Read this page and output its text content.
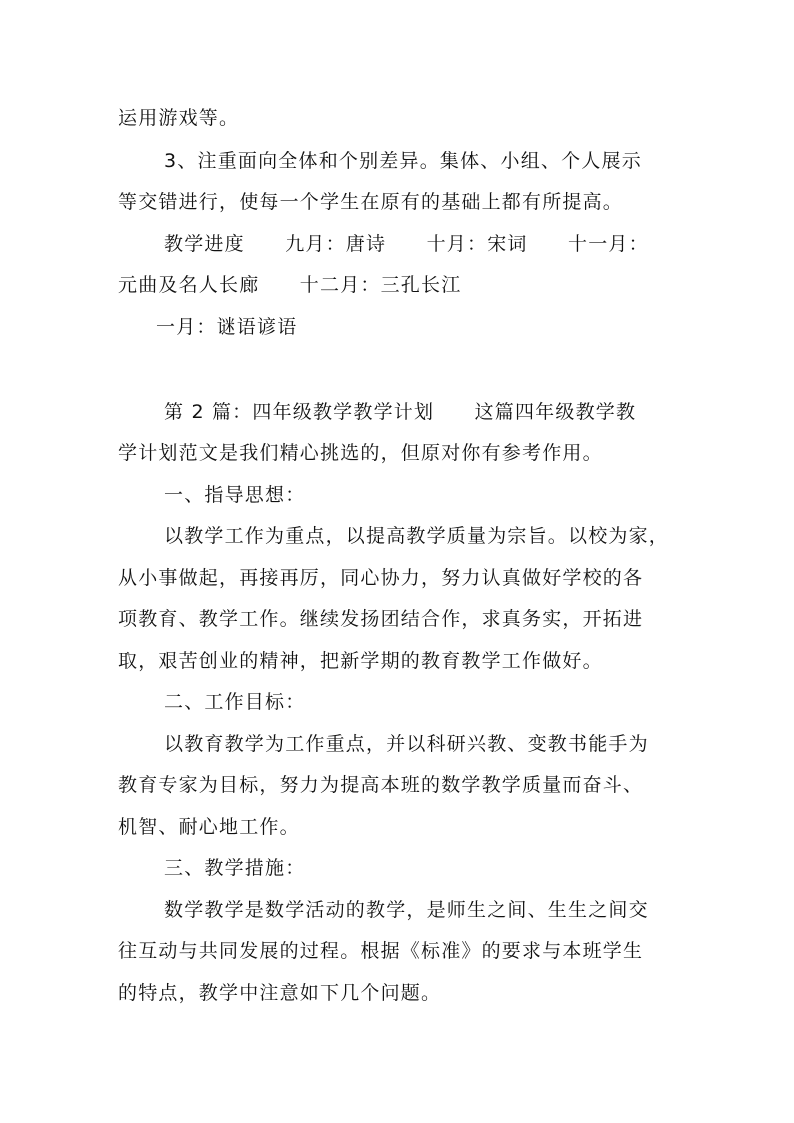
运用游戏等。
3、注重面向全体和个别差异。集体、小组、个人展示
等交错进行，使每一个学生在原有的基础上都有所提高。
教学进度　　九月：唐诗　　十月：宋词　　十一月：
元曲及名人长廊　　十二月：三孔长江
一月：谜语谚语
第 2 篇：四年级教学教学计划　　这篇四年级教学教
学计划范文是我们精心挑选的，但原对你有参考作用。
一、指导思想：
以教学工作为重点，以提高教学质量为宗旨。以校为家，
从小事做起，再接再厉，同心协力，努力认真做好学校的各
项教育、教学工作。继续发扬团结合作，求真务实，开拓进
取，艰苦创业的精神，把新学期的教育教学工作做好。
二、工作目标：
以教育教学为工作重点，并以科研兴教、变教书能手为
教育专家为目标，努力为提高本班的数学教学质量而奋斗、
机智、耐心地工作。
三、教学措施：
数学教学是数学活动的教学，是师生之间、生生之间交
往互动与共同发展的过程。根据《标准》的要求与本班学生
的特点，教学中注意如下几个问题。
